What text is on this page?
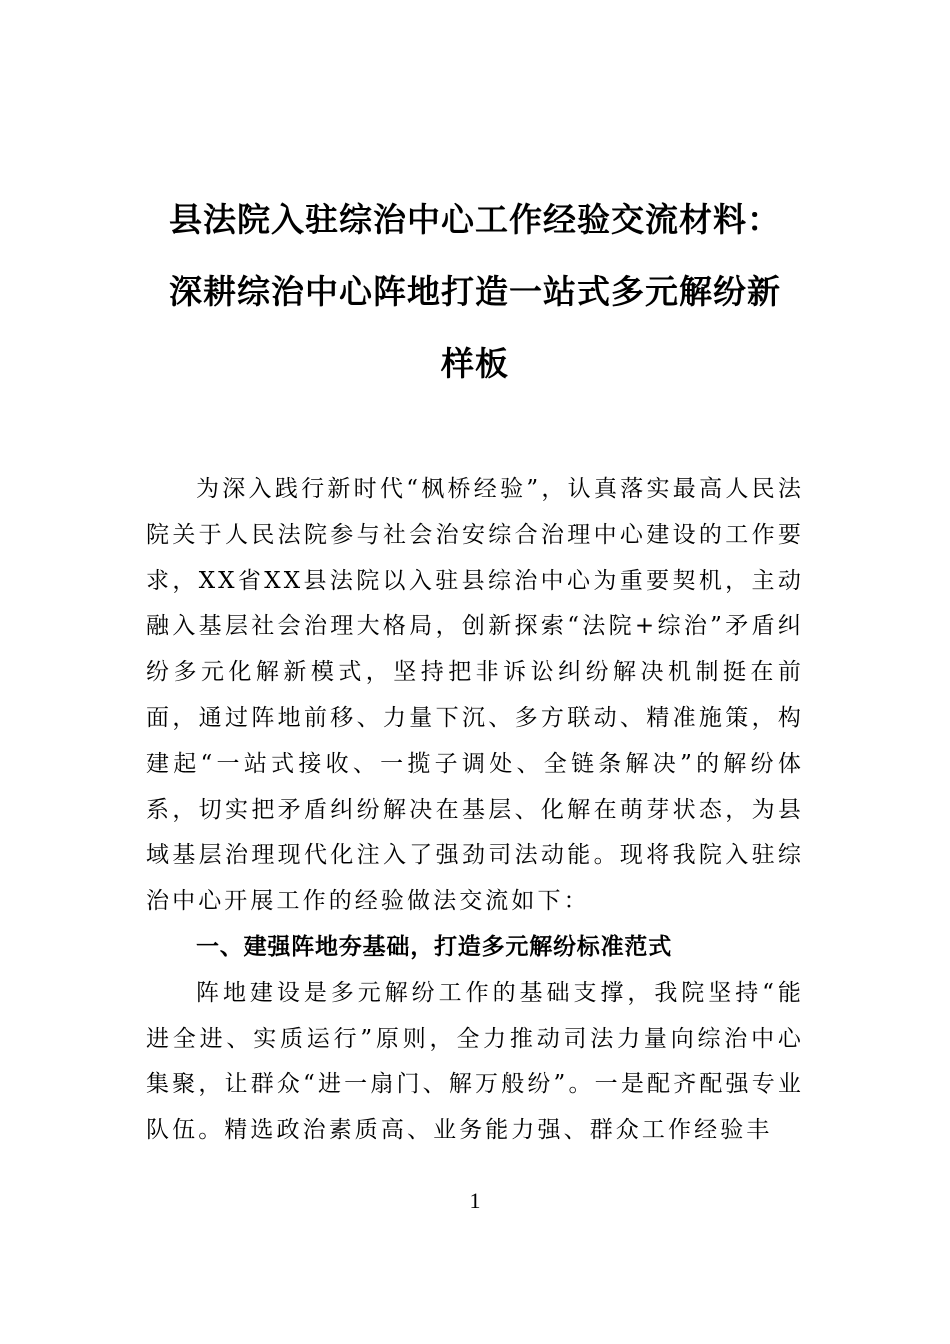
县法院入驻综治中心工作经验交流材料：
深耕综治中心阵地打造一站式多元解纷新
样板

为深入践行新时代“枫桥经验”，认真落实最高人民法院关于人民法院参与社会治安综合治理中心建设的工作要求，XX省XX县法院以入驻县综治中心为重要契机，主动融入基层社会治理大格局，创新探索“法院+综治”矛盾纠纷多元化解新模式，坚持把非诉讼纠纷解决机制挺在前面，通过阵地前移、力量下沉、多方联动、精准施策，构建起“一站式接收、一揽子调处、全链条解决”的解纷体系，切实把矛盾纠纷解决在基层、化解在萌芽状态，为县域基层治理现代化注入了强劲司法动能。现将我院入驻综治中心开展工作的经验做法交流如下：

一、建强阵地夯基础，打造多元解纷标准范式

阵地建设是多元解纷工作的基础支撑，我院坚持“能进全进、实质运行”原则，全力推动司法力量向综治中心集聚，让群众“进一扇门、解万般纷”。一是配齐配强专业队伍。精选政治素质高、业务能力强、群众工作经验丰

1
